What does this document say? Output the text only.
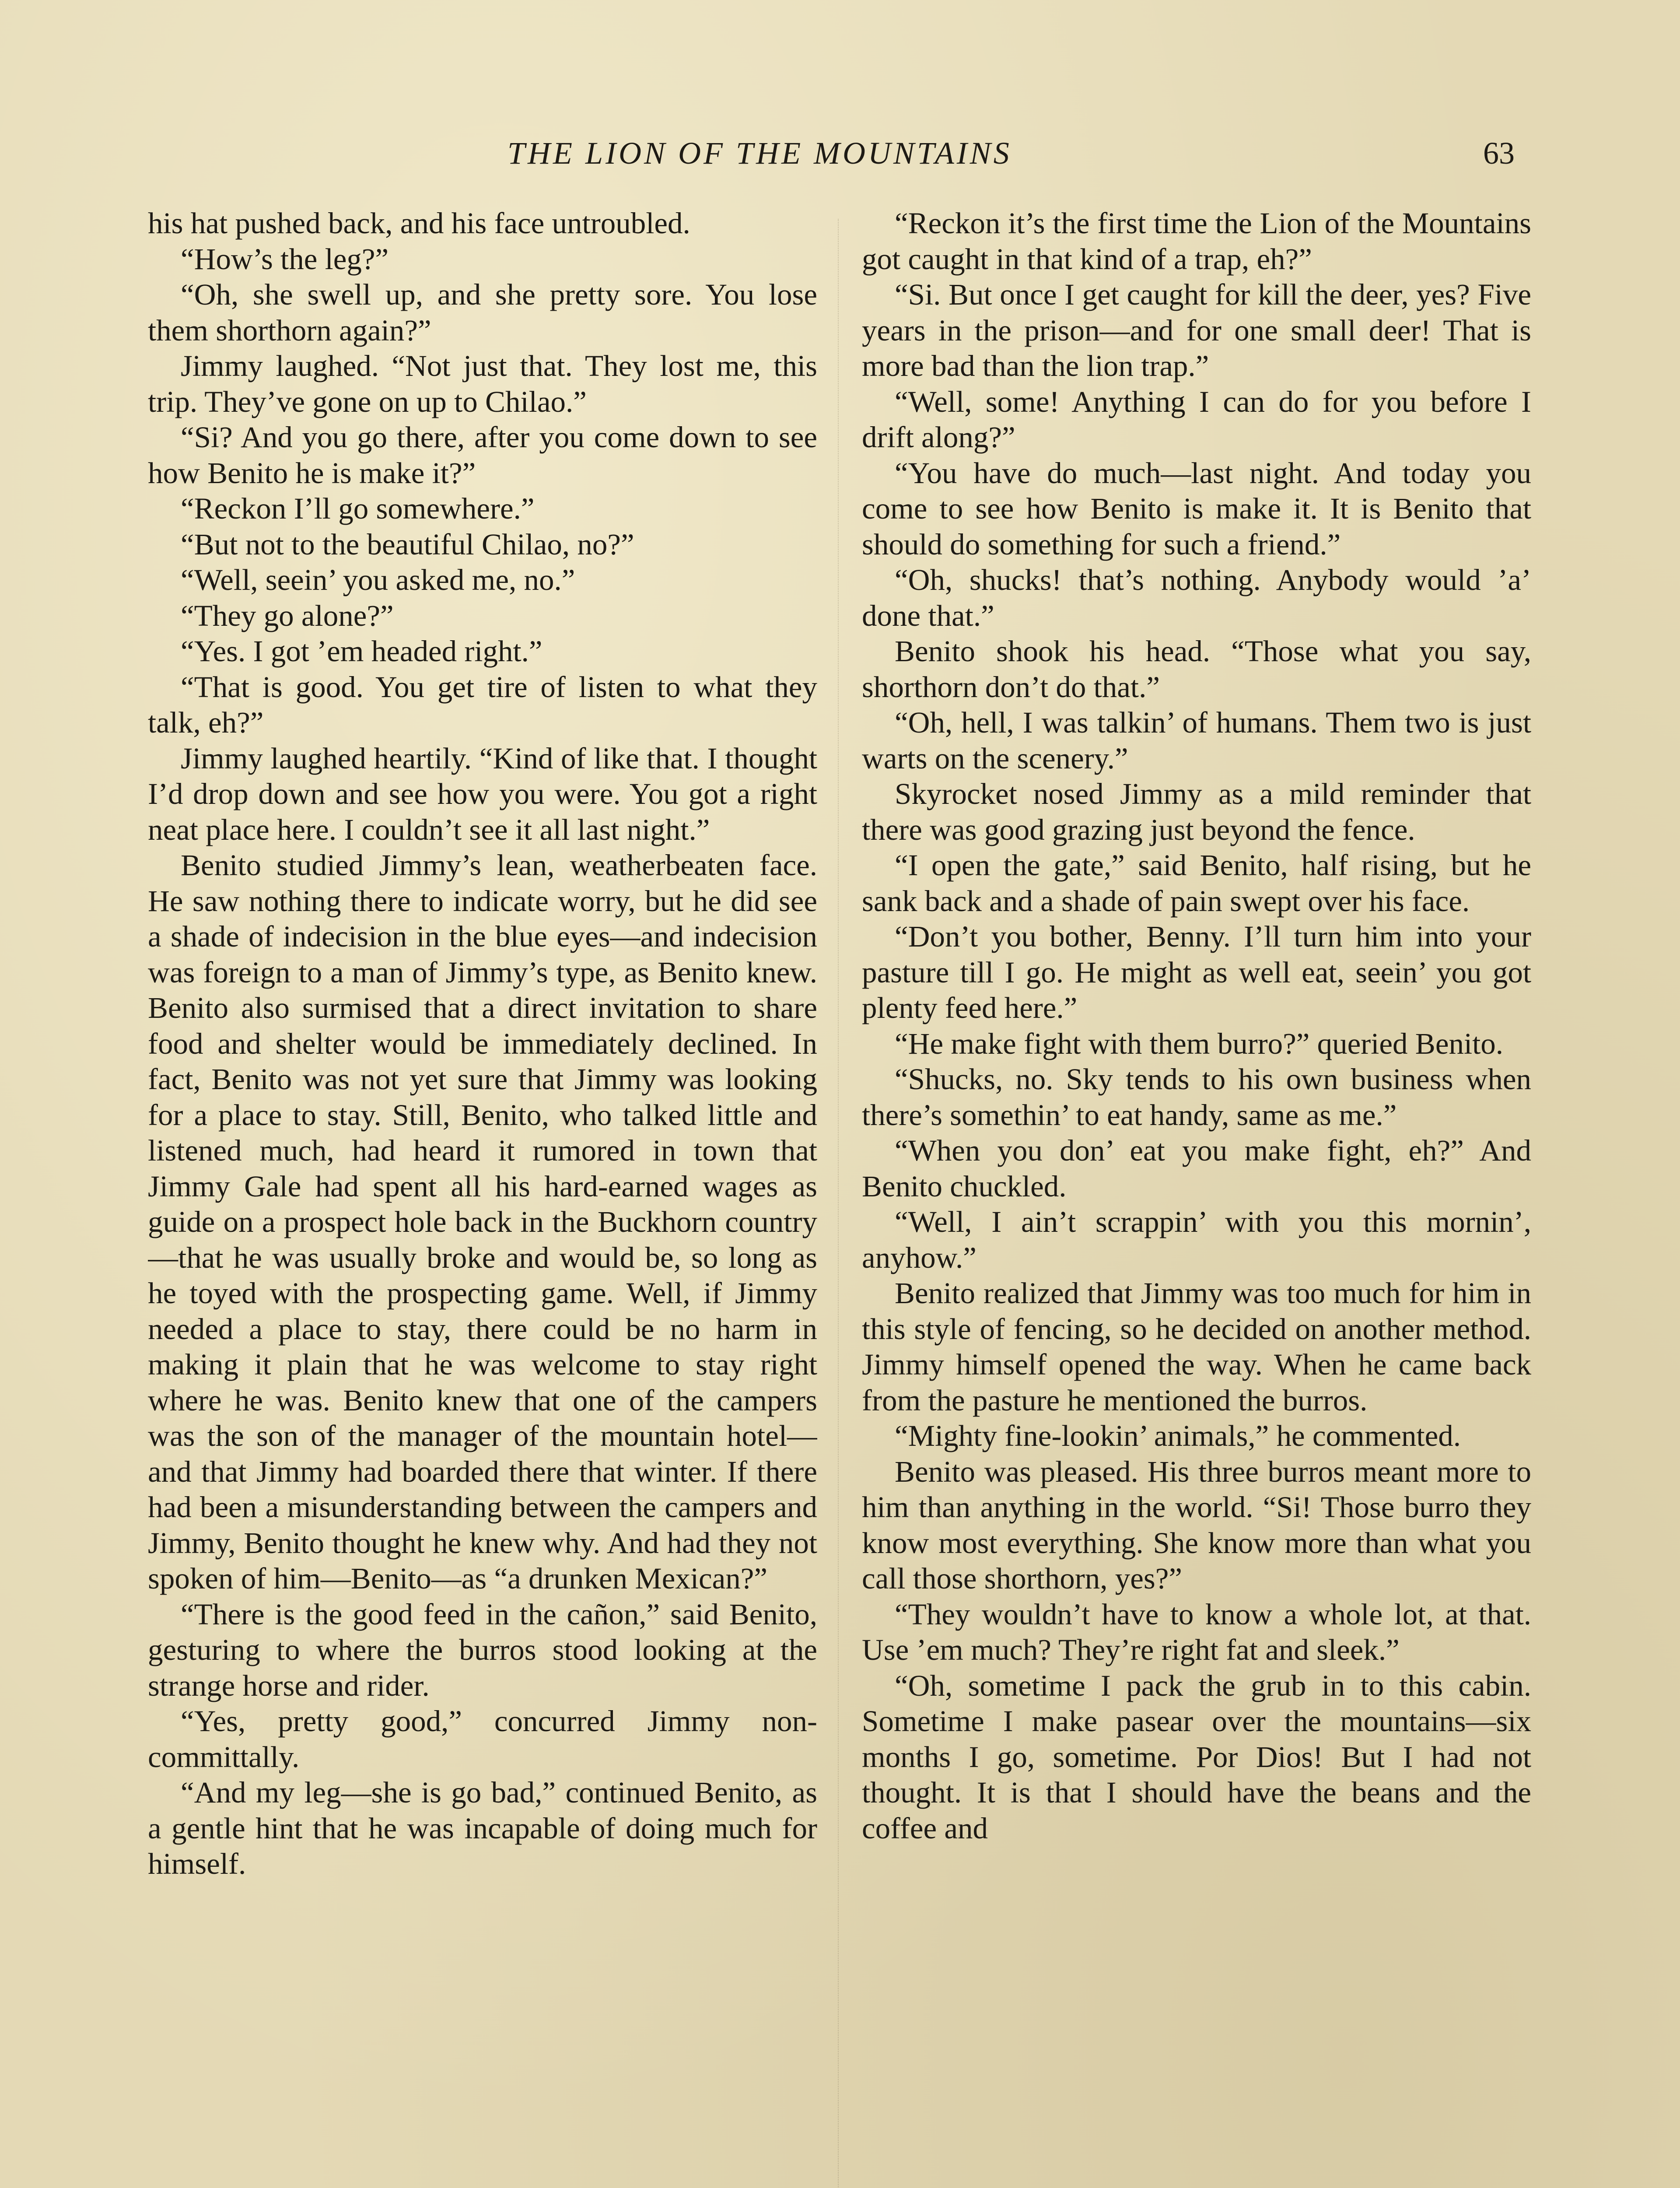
THE LION OF THE MOUNTAINS	63

his hat pushed back, and his face untroubled.

“How’s the leg?”

“Oh, she swell up, and she pretty sore. You lose them shorthorn again?”

Jimmy laughed. “Not just that. They lost me, this trip. They’ve gone on up to Chilao.”

“Si? And you go there, after you come down to see how Benito he is make it?”

“Reckon I’ll go somewhere.”

“But not to the beautiful Chilao, no?”

“Well, seein’ you asked me, no.”

“They go alone?”

“Yes. I got ’em headed right.”

“That is good. You get tire of listen to what they talk, eh?”

Jimmy laughed heartily. “Kind of like that. I thought I’d drop down and see how you were. You got a right neat place here. I couldn’t see it all last night.”

Benito studied Jimmy’s lean, weatherbeaten face. He saw nothing there to indicate worry, but he did see a shade of indecision in the blue eyes—and indecision was foreign to a man of Jimmy’s type, as Benito knew. Benito also surmised that a direct invitation to share food and shelter would be immediately declined. In fact, Benito was not yet sure that Jimmy was looking for a place to stay. Still, Benito, who talked little and listened much, had heard it rumored in town that Jimmy Gale had spent all his hard-earned wages as guide on a prospect hole back in the Buckhorn country—that he was usually broke and would be, so long as he toyed with the prospecting game. Well, if Jimmy needed a place to stay, there could be no harm in making it plain that he was welcome to stay right where he was. Benito knew that one of the campers was the son of the manager of the mountain hotel—and that Jimmy had boarded there that winter. If there had been a misunderstanding between the campers and Jimmy, Benito thought he knew why. And had they not spoken of him—Benito—as “a drunken Mexican?”

“There is the good feed in the cañon,” said Benito, gesturing to where the burros stood looking at the strange horse and rider.

“Yes, pretty good,” concurred Jimmy noncommittally.

“And my leg—she is go bad,” continued Benito, as a gentle hint that he was incapable of doing much for himself.

“Reckon it’s the first time the Lion of the Mountains got caught in that kind of a trap, eh?”

“Si. But once I get caught for kill the deer, yes? Five years in the prison—and for one small deer! That is more bad than the lion trap.”

“Well, some! Anything I can do for you before I drift along?”

“You have do much—last night. And today you come to see how Benito is make it. It is Benito that should do something for such a friend.”

“Oh, shucks! that’s nothing. Anybody would ’a’ done that.”

Benito shook his head. “Those what you say, shorthorn don’t do that.”

“Oh, hell, I was talkin’ of humans. Them two is just warts on the scenery.”

Skyrocket nosed Jimmy as a mild reminder that there was good grazing just beyond the fence.

“I open the gate,” said Benito, half rising, but he sank back and a shade of pain swept over his face.

“Don’t you bother, Benny. I’ll turn him into your pasture till I go. He might as well eat, seein’ you got plenty feed here.”

“He make fight with them burro?” queried Benito.

“Shucks, no. Sky tends to his own business when there’s somethin’ to eat handy, same as me.”

“When you don’ eat you make fight, eh?” And Benito chuckled.

“Well, I ain’t scrappin’ with you this mornin’, anyhow.”

Benito realized that Jimmy was too much for him in this style of fencing, so he decided on another method. Jimmy himself opened the way. When he came back from the pasture he mentioned the burros.

“Mighty fine-lookin’ animals,” he commented.

Benito was pleased. His three burros meant more to him than anything in the world. “Si! Those burro they know most everything. She know more than what you call those shorthorn, yes?”

“They wouldn’t have to know a whole lot, at that. Use ’em much? They’re right fat and sleek.”

“Oh, sometime I pack the grub in to this cabin. Sometime I make pasear over the mountains—six months I go, sometime. Por Dios! But I had not thought. It is that I should have the beans and the coffee and
